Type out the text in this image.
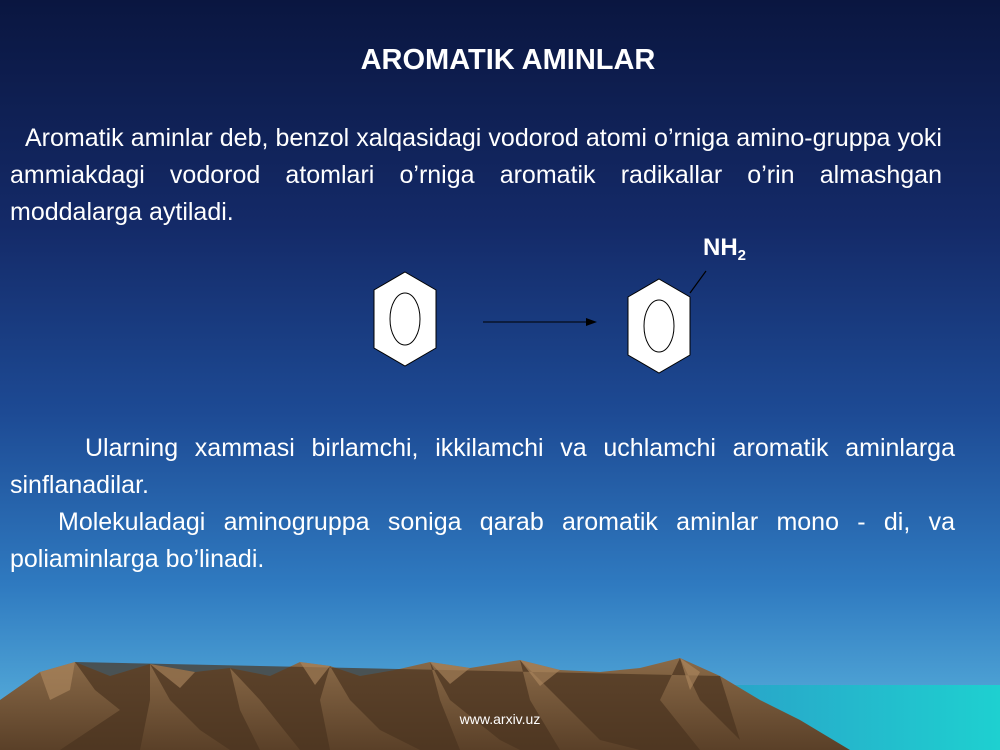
AROMATIK AMINLAR
Aromatik aminlar deb, benzol xalqasidagi vodorod atomi o’rniga amino-gruppa yoki ammiakdagi vodorod atomlari o’rniga aromatik radikallar o’rin almashgan moddalarga aytiladi.
$NH_2$
Ularning xammasi birlamchi, ikkilamchi va uchlamchi aromatik aminlarga sinflanadilar.
Molekuladagi aminogruppa soniga qarab aromatik aminlar mono - di, va poliaminlarga bo’linadi.
www.arxiv.uz
